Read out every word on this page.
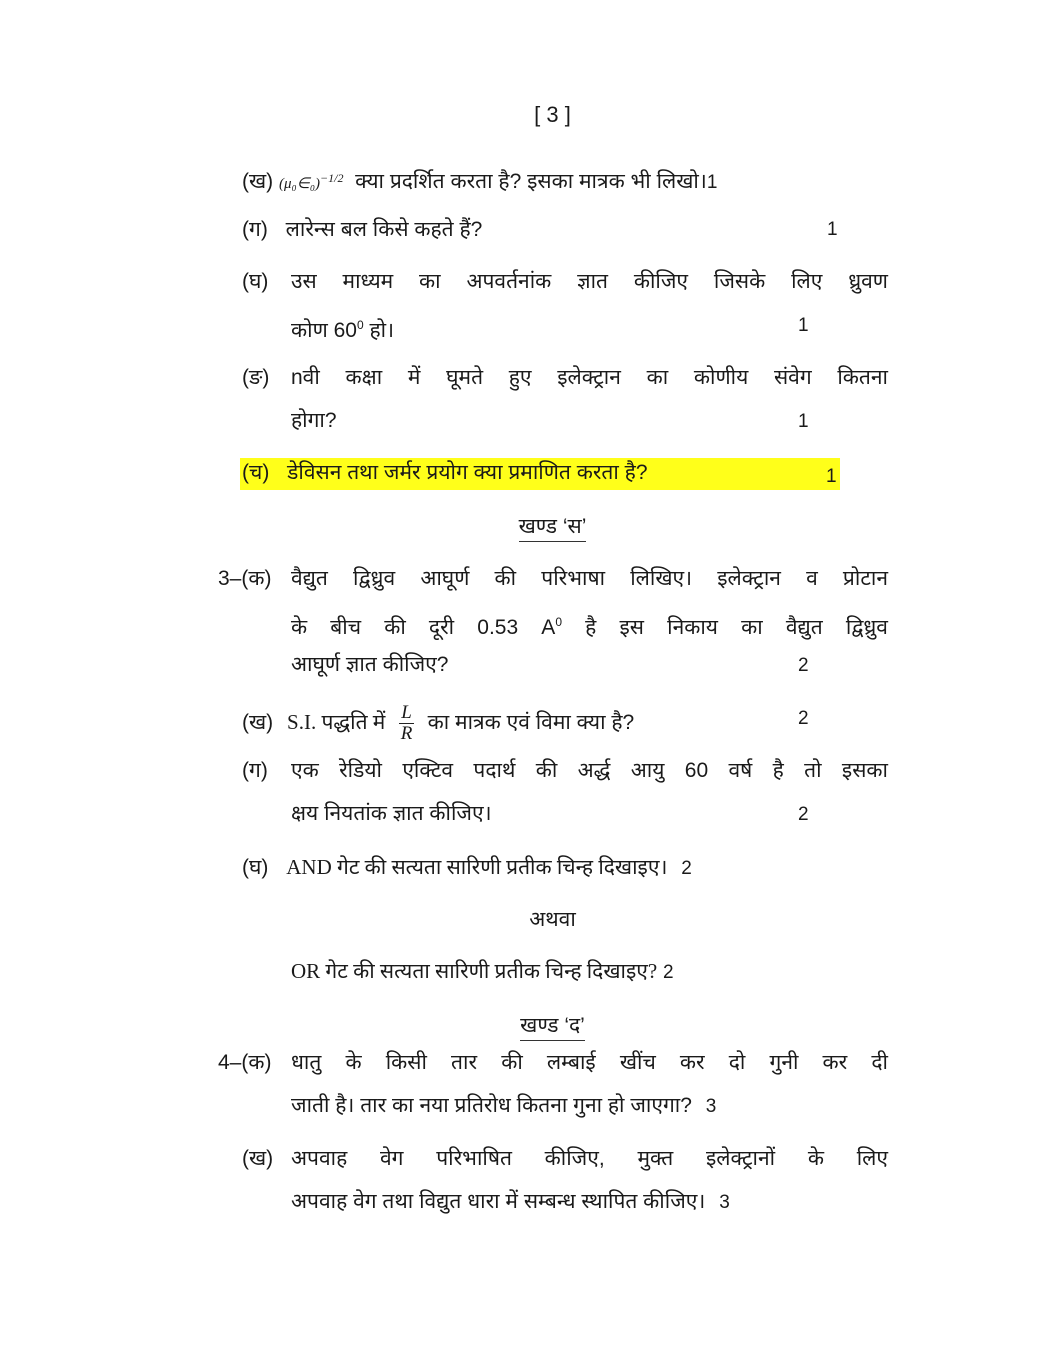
[ 3 ]
(ख) (μ₀∈₀)$^{-1/2}$ क्या प्रदर्शित करता है? इसका मात्रक भी लिखो।1
(ग) लारेन्स बल किसे कहते हैं?	1
(घ) उस माध्यम का अपवर्तनांक ज्ञात कीजिए जिसके लिए ध्रुवण
कोण $60^0$ हो।	1
(ङ) nवी कक्षा में घूमते हुए इलेक्ट्रान का कोणीय संवेग कितना
होगा?	1
(च) डेविसन तथा जर्मर प्रयोग क्या प्रमाणित करता है?	1
खण्ड ‘स’
3–(क) वैद्युत द्विध्रुव आघूर्ण की परिभाषा लिखिए। इलेक्ट्रान व प्रोटान
के बीच की दूरी 0.53 $A^0$ है इस निकाय का वैद्युत द्विध्रुव
आघूर्ण ज्ञात कीजिए?	2
(ख) S.I. पद्धति में $\frac{L}{R}$ का मात्रक एवं विमा क्या है?	2
(ग) एक रेडियो एक्टिव पदार्थ की अर्द्ध आयु 60 वर्ष है तो इसका
क्षय नियतांक ज्ञात कीजिए।	2
(घ) AND गेट की सत्यता सारिणी प्रतीक चिन्ह दिखाइए। 2
अथवा
OR गेट की सत्यता सारिणी प्रतीक चिन्ह दिखाइए? 2
खण्ड ‘द’
4–(क) धातु के किसी तार की लम्बाई खींच कर दो गुनी कर दी
जाती है। तार का नया प्रतिरोध कितना गुना हो जाएगा? 3
(ख) अपवाह वेग परिभाषित कीजिए, मुक्त इलेक्ट्रानों के लिए
अपवाह वेग तथा विद्युत धारा में सम्बन्ध स्थापित कीजिए। 3
